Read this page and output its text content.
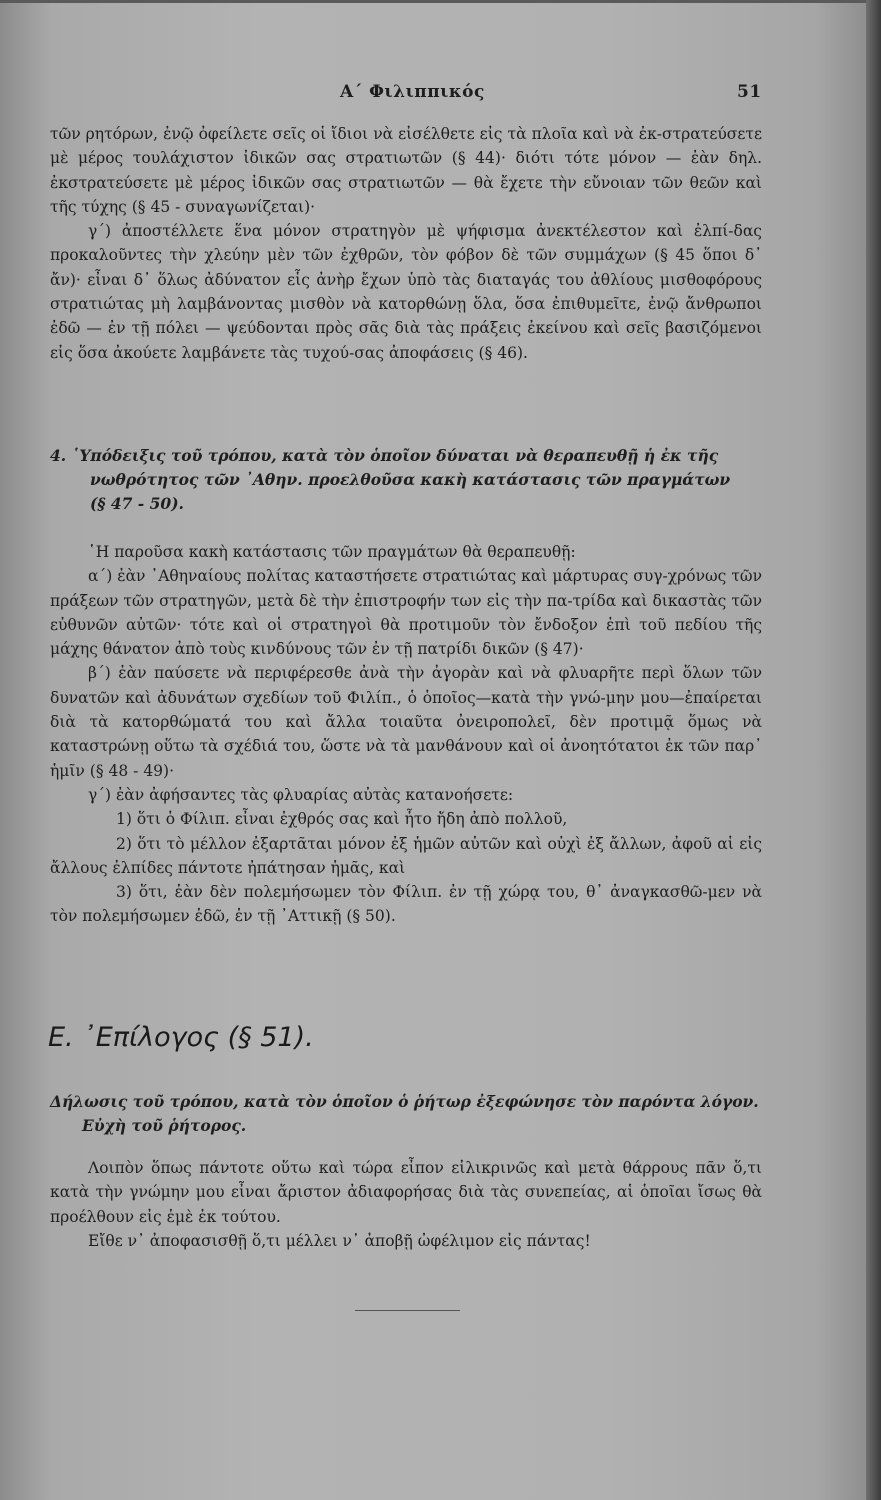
Α΄ Φιλιππικός	51

τῶν ρητόρων, ἐνῷ ὀφείλετε σεῖς οἱ ἴδιοι νὰ εἰσέλθετε εἰς τὰ πλοῖα καὶ νὰ ἐκ-στρατεύσετε μὲ μέρος τουλάχιστον ἰδικῶν σας στρατιωτῶν (§ 44)· διότι τότε μόνον — ἐὰν δηλ. ἐκστρατεύσετε μὲ μέρος ἰδικῶν σας στρατιωτῶν — θὰ ἔχετε τὴν εὔνοιαν τῶν θεῶν καὶ τῆς τύχης (§ 45 - συναγωνίζεται)·

γ΄) ἀποστέλλετε ἕνα μόνον στρατηγὸν μὲ ψήφισμα ἀνεκτέλεστον καὶ ἐλπί-δας προκαλοῦντες τὴν χλεύην μὲν τῶν ἐχθρῶν, τὸν φόβον δὲ τῶν συμμάχων (§ 45 ὅποι δ᾽ ἄν)· εἶναι δ᾽ ὅλως ἀδύνατον εἷς ἀνὴρ ἔχων ὑπὸ τὰς διαταγάς του ἀθλίους μισθοφόρους στρατιώτας μὴ λαμβάνοντας μισθὸν νὰ κατορθώνῃ ὅλα, ὅσα ἐπιθυμεῖτε, ἐνῷ ἄνθρωποι ἐδῶ — ἐν τῇ πόλει — ψεύδονται πρὸς σᾶς διὰ τὰς πράξεις ἐκείνου καὶ σεῖς βασιζόμενοι εἰς ὅσα ἀκούετε λαμβάνετε τὰς τυχού-σας ἀποφάσεις (§ 46).

4. ῾Υπόδειξις τοῦ τρόπου, κατὰ τὸν ὁποῖον δύναται νὰ θεραπευθῇ ἡ ἐκ τῆς

νωθρότητος τῶν ᾿Αθην. προελθοῦσα κακὴ κατάστασις τῶν πραγμάτων

(§ 47 - 50).

῾Η παροῦσα κακὴ κατάστασις τῶν πραγμάτων θὰ θεραπευθῇ:

α΄) ἐὰν ᾿Αθηναίους πολίτας καταστήσετε στρατιώτας καὶ μάρτυρας συγ-χρόνως τῶν πράξεων τῶν στρατηγῶν, μετὰ δὲ τὴν ἐπιστροφήν των εἰς τὴν πα-τρίδα καὶ δικαστὰς τῶν εὐθυνῶν αὐτῶν· τότε καὶ οἱ στρατηγοὶ θὰ προτιμοῦν τὸν ἔνδοξον ἐπὶ τοῦ πεδίου τῆς μάχης θάνατον ἀπὸ τοὺς κινδύνους τῶν ἐν τῇ πατρίδι δικῶν (§ 47)·

β΄) ἐὰν παύσετε νὰ περιφέρεσθε ἀνὰ τὴν ἀγορὰν καὶ νὰ φλυαρῆτε περὶ ὅλων τῶν δυνατῶν καὶ ἀδυνάτων σχεδίων τοῦ Φιλίπ., ὁ ὁποῖος—κατὰ τὴν γνώ-μην μου—ἐπαίρεται διὰ τὰ κατορθώματά του καὶ ἄλλα τοιαῦτα ὀνειροπολεῖ, δὲν προτιμᾷ ὅμως νὰ καταστρώνῃ οὕτω τὰ σχέδιά του, ὥστε νὰ τὰ μανθάνουν καὶ οἱ ἀνοητότατοι ἐκ τῶν παρ᾽ ἡμῖν (§ 48 - 49)·

γ΄) ἐὰν ἀφήσαντες τὰς φλυαρίας αὐτὰς κατανοήσετε:

1) ὅτι ὁ Φίλιπ. εἶναι ἐχθρός σας καὶ ἦτο ἤδη ἀπὸ πολλοῦ,

2) ὅτι τὸ μέλλον ἐξαρτᾶται μόνον ἐξ ἡμῶν αὐτῶν καὶ οὐχὶ ἐξ ἄλλων, ἀφοῦ αἱ εἰς ἄλλους ἐλπίδες πάντοτε ἠπάτησαν ἡμᾶς, καὶ

3) ὅτι, ἐὰν δὲν πολεμήσωμεν τὸν Φίλιπ. ἐν τῇ χώρᾳ του, θ᾽ ἀναγκασθῶ-μεν νὰ τὸν πολεμήσωμεν ἐδῶ, ἐν τῇ ᾿Αττικῇ (§ 50).

Ε. ᾿Επίλογος (§ 51).

Δήλωσις τοῦ τρόπου, κατὰ τὸν ὁποῖον ὁ ῥήτωρ ἐξεφώνησε τὸν παρόντα λόγον.

Εὐχὴ τοῦ ῥήτορος.

Λοιπὸν ὅπως πάντοτε οὕτω καὶ τώρα εἶπον εἰλικρινῶς καὶ μετὰ θάρρους πᾶν ὅ,τι κατὰ τὴν γνώμην μου εἶναι ἄριστον ἀδιαφορήσας διὰ τὰς συνεπείας, αἱ ὁποῖαι ἴσως θὰ προέλθουν εἰς ἐμὲ ἐκ τούτου.

Εἴθε ν᾽ ἀποφασισθῇ ὅ,τι μέλλει ν᾽ ἀποβῇ ὠφέλιμον εἰς πάντας!
